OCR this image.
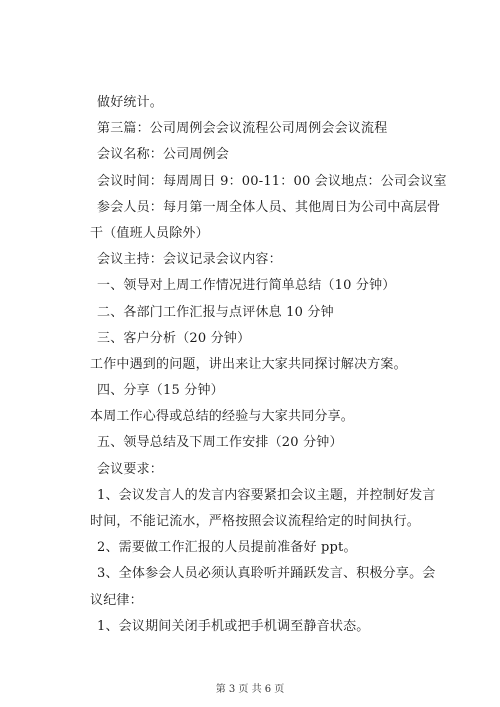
做好统计。
第三篇：公司周例会会议流程公司周例会会议流程
会议名称：公司周例会
会议时间：每周周日 9：00-11：00 会议地点：公司会议室
参会人员：每月第一周全体人员、其他周日为公司中高层骨
干（值班人员除外）
会议主持：会议记录会议内容：
一、领导对上周工作情况进行简单总结（10 分钟）
二、各部门工作汇报与点评休息 10 分钟
三、客户分析（20 分钟）
工作中遇到的问题，讲出来让大家共同探讨解决方案。
四、分享（15 分钟）
本周工作心得或总结的经验与大家共同分享。
五、领导总结及下周工作安排（20 分钟）
会议要求：
1、会议发言人的发言内容要紧扣会议主题，并控制好发言
时间，不能记流水，严格按照会议流程给定的时间执行。
2、需要做工作汇报的人员提前准备好 ppt。
3、全体参会人员必须认真聆听并踊跃发言、积极分享。会
议纪律：
1、会议期间关闭手机或把手机调至静音状态。
第 3 页 共 6 页
